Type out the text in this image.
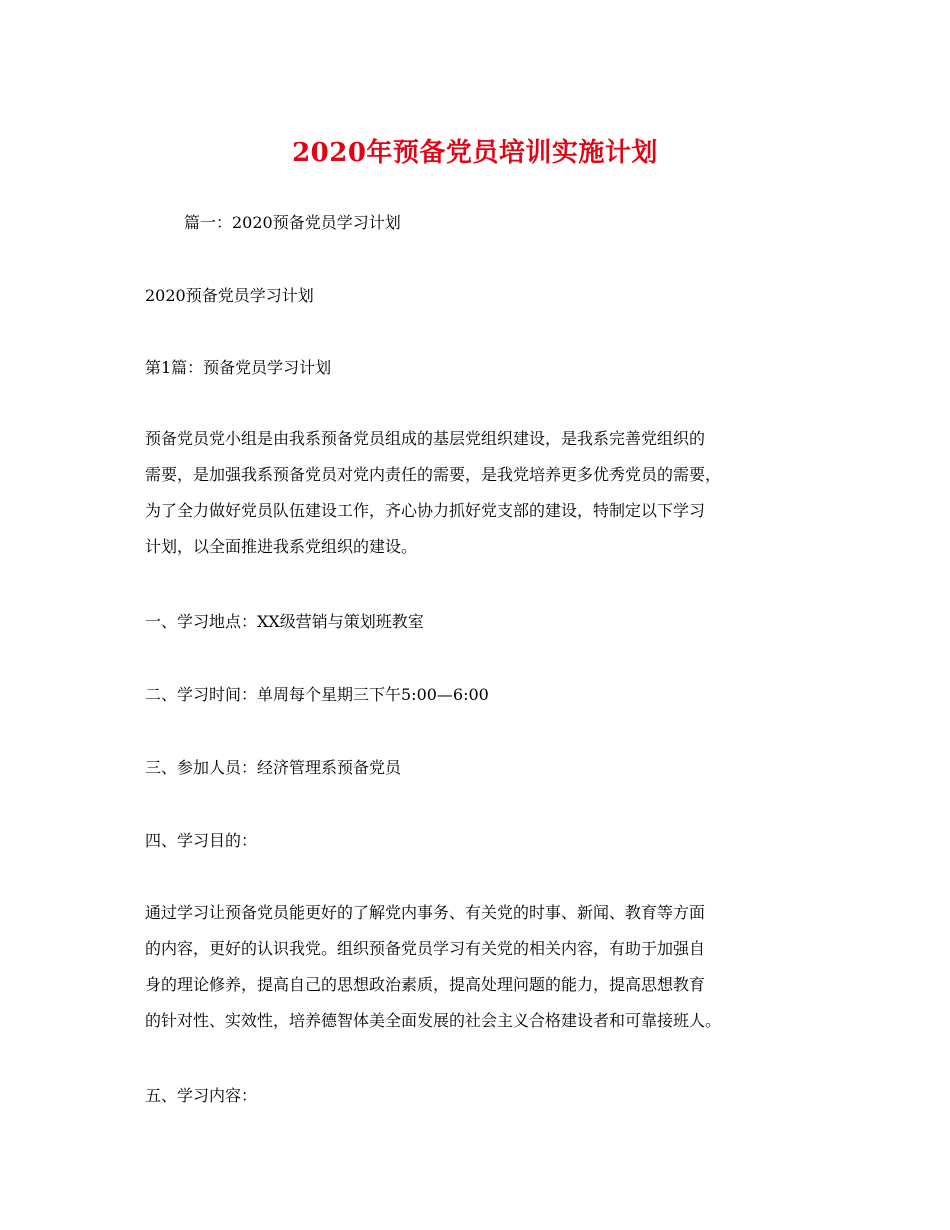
2020年预备党员培训实施计划
篇一：2020预备党员学习计划
2020预备党员学习计划
第1篇：预备党员学习计划
预备党员党小组是由我系预备党员组成的基层党组织建设，是我系完善党组织的
需要，是加强我系预备党员对党内责任的需要，是我党培养更多优秀党员的需要，
为了全力做好党员队伍建设工作，齐心协力抓好党支部的建设，特制定以下学习
计划，以全面推进我系党组织的建设。
一、学习地点：XX级营销与策划班教室
二、学习时间：单周每个星期三下午5:00—6:00
三、参加人员：经济管理系预备党员
四、学习目的：
通过学习让预备党员能更好的了解党内事务、有关党的时事、新闻、教育等方面
的内容，更好的认识我党。组织预备党员学习有关党的相关内容，有助于加强自
身的理论修养，提高自己的思想政治素质，提高处理问题的能力，提高思想教育
的针对性、实效性，培养德智体美全面发展的社会主义合格建设者和可靠接班人。
五、学习内容：
